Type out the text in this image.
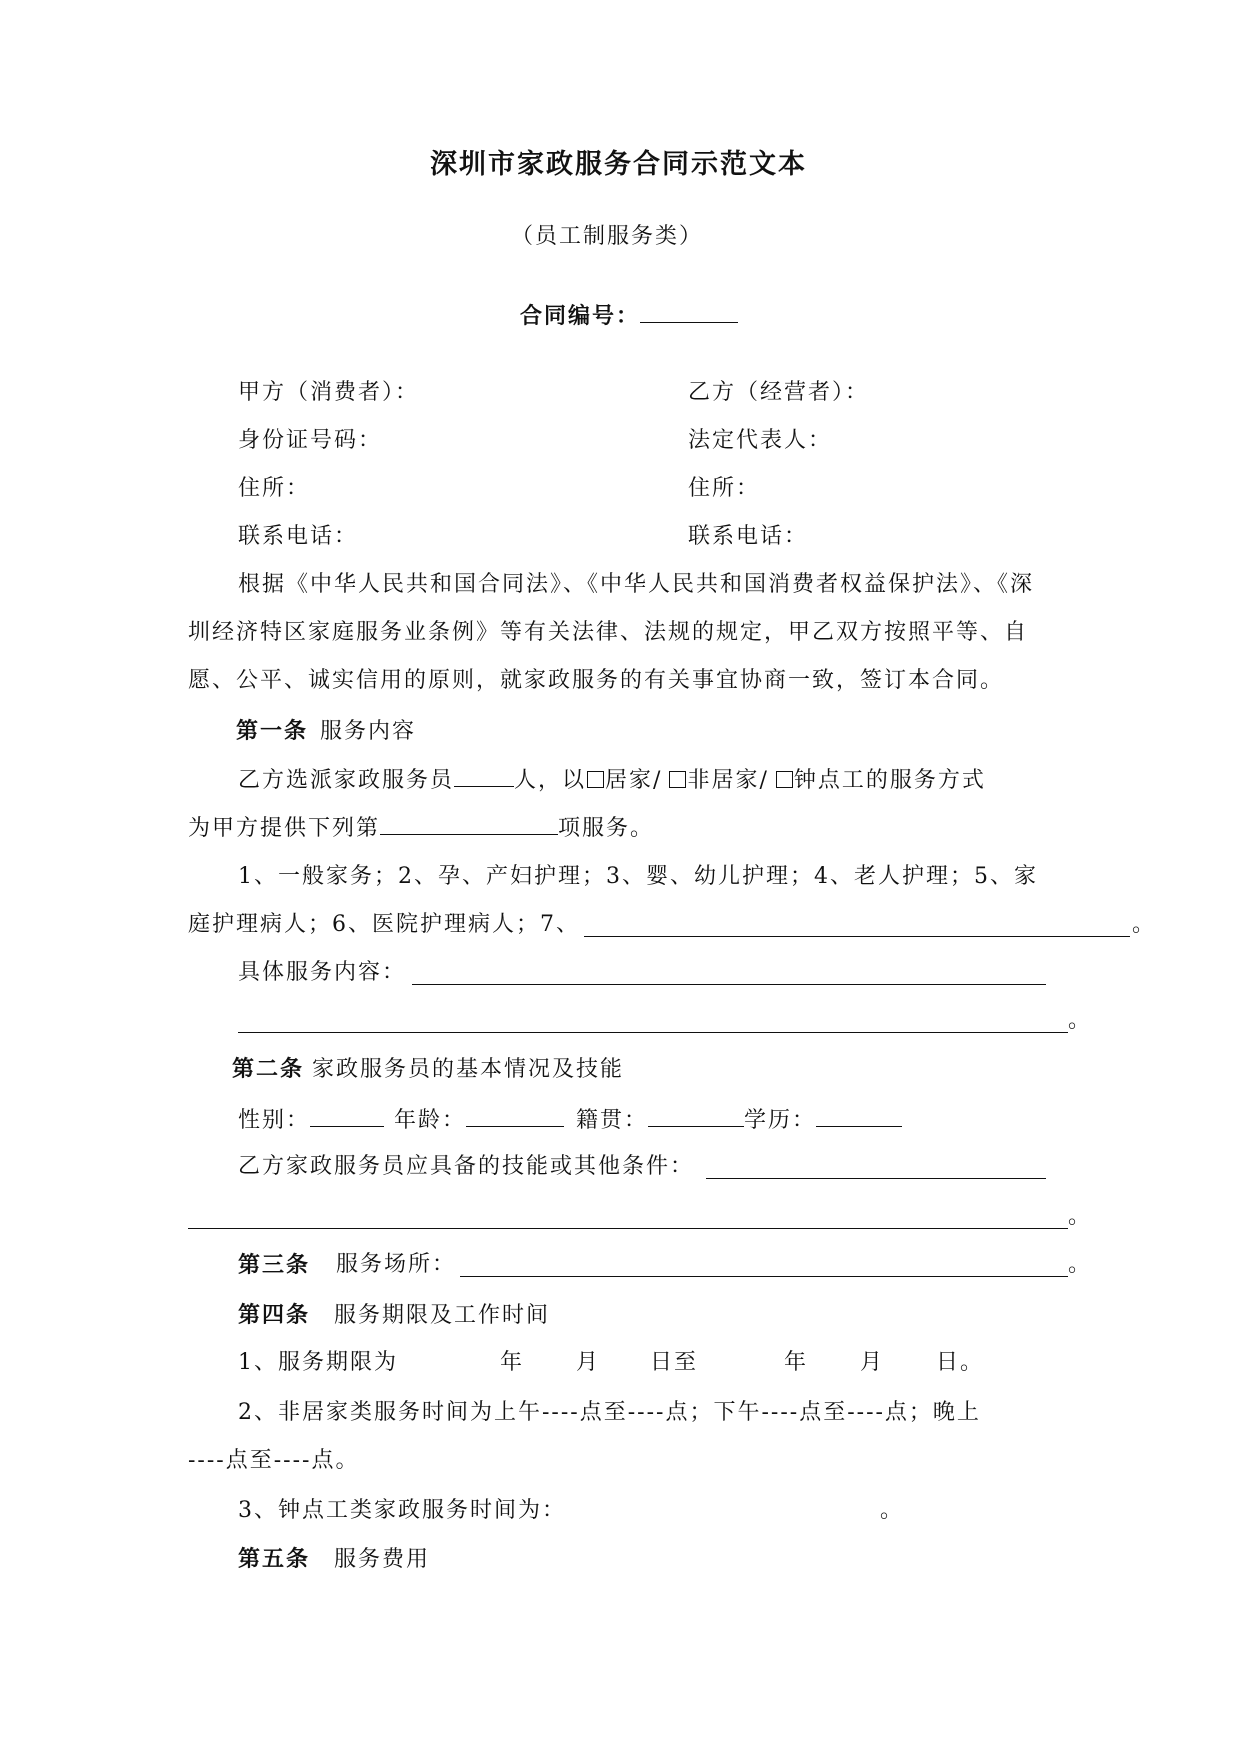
深圳市家政服务合同示范文本
（员工制服务类）
合同编号：
甲方（消费者）：	乙方（经营者）：
身份证号码：	法定代表人：
住所：	住所：
联系电话：	联系电话：
根据《中华人民共和国合同法》、《中华人民共和国消费者权益保护法》、《深
圳经济特区家庭服务业条例》等有关法律、法规的规定，甲乙双方按照平等、自
愿、公平、诚实信用的原则，就家政服务的有关事宜协商一致，签订本合同。
第一条 服务内容
乙方选派家政服务员	人，以 居家/ 非居家/ 钟点工的服务方式
为甲方提供下列第	项服务。
1、一般家务；2、孕、产妇护理；3、婴、幼儿护理；4、老人护理；5、家
庭护理病人；6、医院护理病人；7、	。
具体服务内容：
。
第二条 家政服务员的基本情况及技能
性别：	年龄：	籍贯：	学历：
乙方家政服务员应具备的技能或其他条件：
。
第三条 服务场所：	。
第四条 服务期限及工作时间
1、服务期限为	年 月 日至	年 月 日。
2、非居家类服务时间为上午----点至----点；下午----点至----点；晚上
----点至----点。
3、钟点工类家政服务时间为：	。
第五条 服务费用
